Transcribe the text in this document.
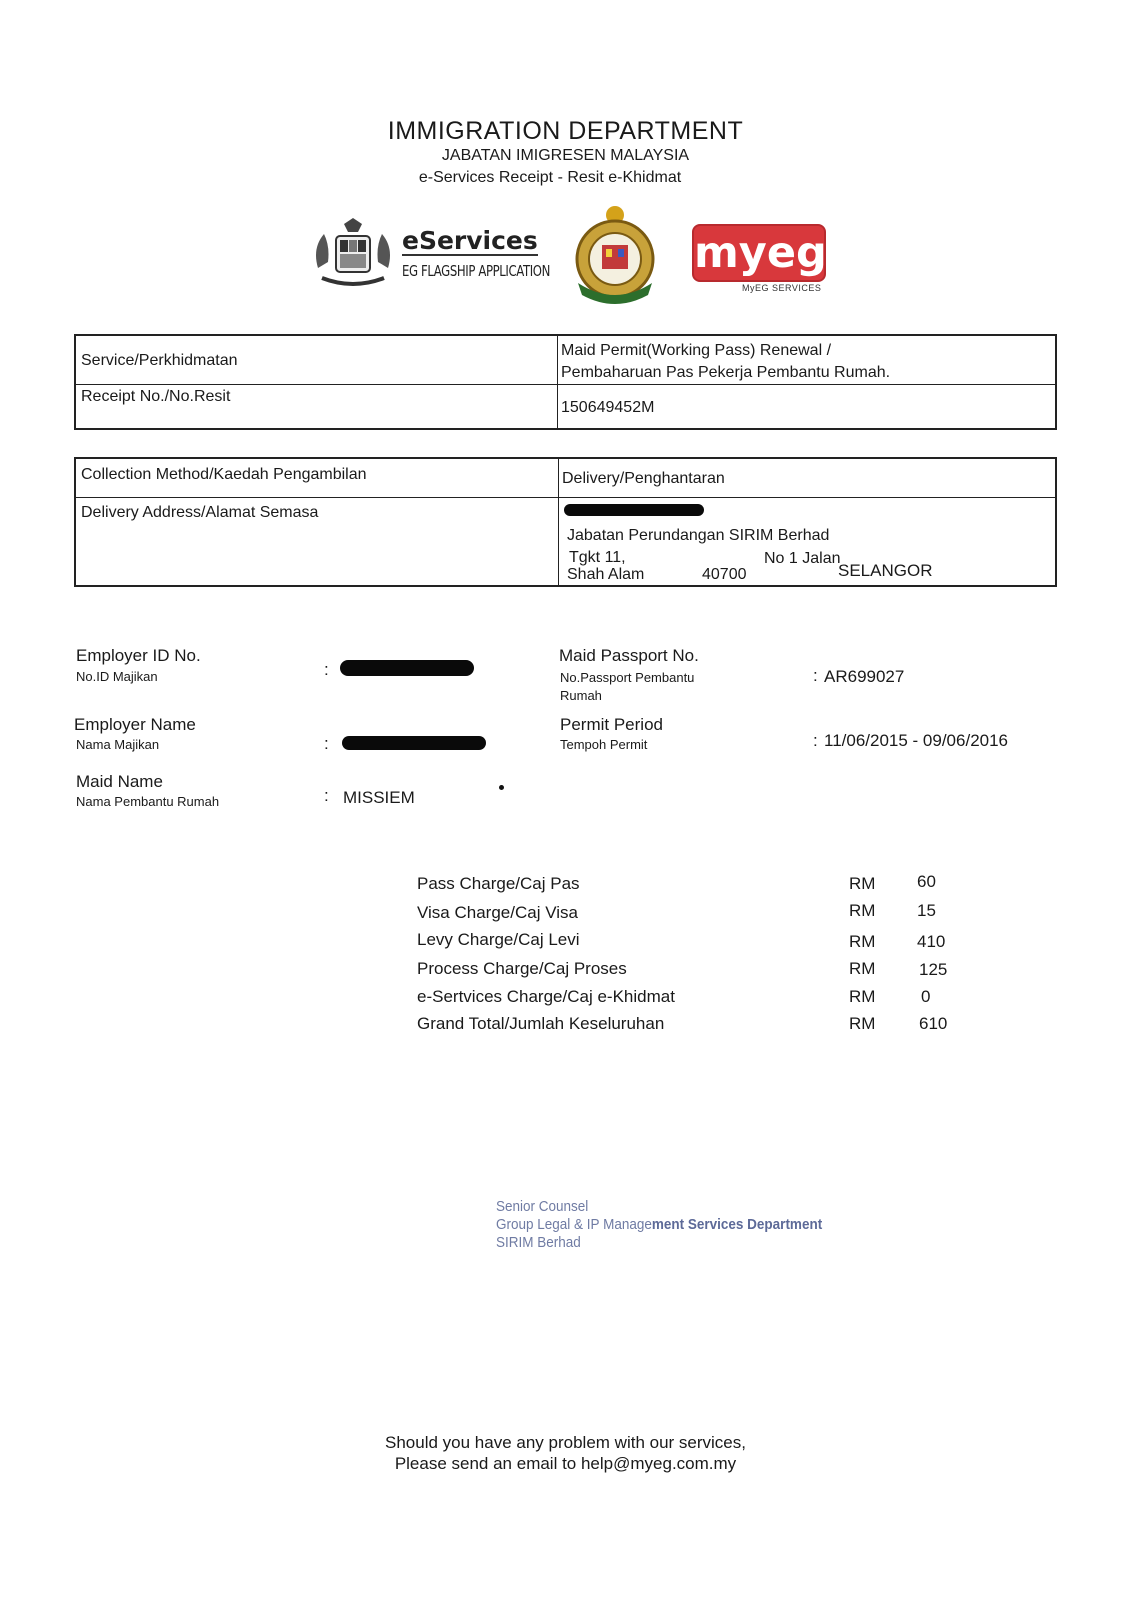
IMMIGRATION DEPARTMENT
JABATAN IMIGRESEN MALAYSIA
e-Services Receipt - Resit e-Khidmat
eServices
EG FLAGSHIP APPLICATION	myeg
MyEG SERVICES
Service/Perkhidmatan
Maid Permit(Working Pass) Renewal /
Pembaharuan Pas Pekerja Pembantu Rumah.
Receipt No./No.Resit
150649452M
Collection Method/Kaedah Pengambilan	Delivery/Penghantaran
Delivery Address/Alamat Semasa
Jabatan Perundangan SIRIM Berhad
Tgkt 11,	No 1 Jalan
Shah Alam	40700	SELANGOR
Employer ID No.
No.ID Majikan	:
Employer Name
Nama Majikan	:
Maid Name
Nama Pembantu Rumah	: MISSIEM
Maid Passport No.
No.Passport Pembantu
Rumah
: AR699027
Permit Period
Tempoh Permit	: 11/06/2015 - 09/06/2016
Pass Charge/Caj Pas	RM 60
Visa Charge/Caj Visa	RM 15
Levy Charge/Caj Levi	RM 410
Process Charge/Caj Proses	RM	125
e-Sertvices Charge/Caj e-Khidmat	RM	0
Grand Total/Jumlah Keseluruhan	RM	610
Senior Counsel
Group Legal & IP Management Services Department
SIRIM Berhad
Should you have any problem with our services,
Please send an email to help@myeg.com.my
